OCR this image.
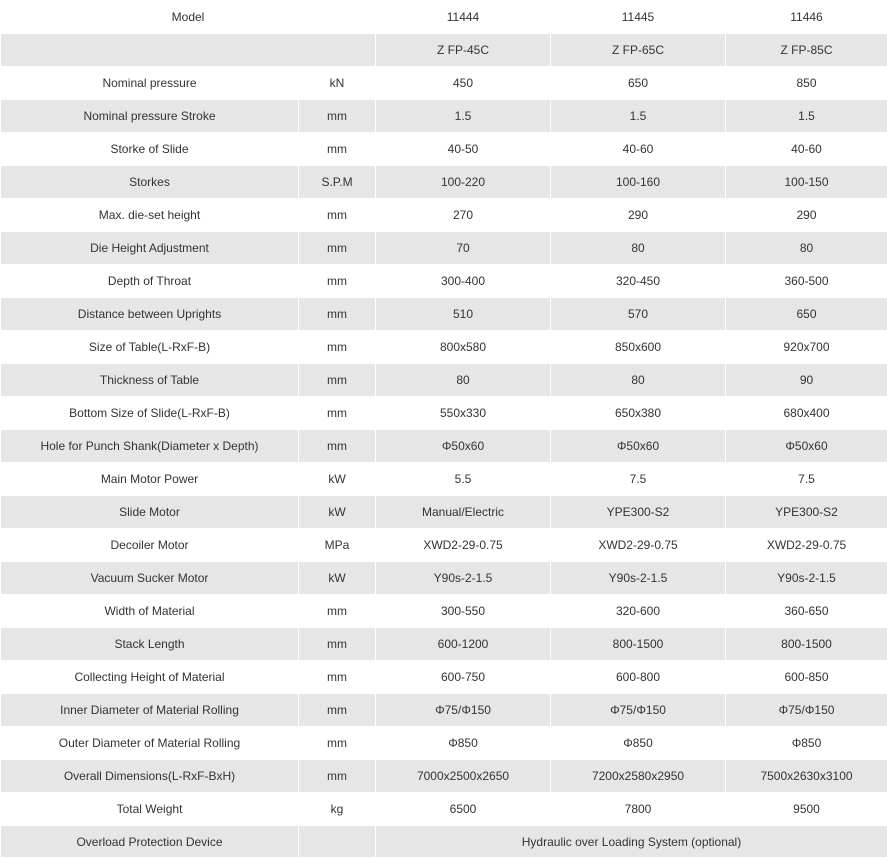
Model		11444	11445	11446
		Z FP-45C	Z FP-65C	Z FP-85C
Nominal pressure	kN	450	650	850
Nominal pressure Stroke	mm	1.5	1.5	1.5
Storke of Slide	mm	40-50	40-60	40-60
Storkes	S.P.M	100-220	100-160	100-150
Max. die-set height	mm	270	290	290
Die Height Adjustment	mm	70	80	80
Depth of Throat	mm	300-400	320-450	360-500
Distance between Uprights	mm	510	570	650
Size of Table(L-RxF-B)	mm	800x580	850x600	920x700
Thickness of Table	mm	80	80	90
Bottom Size of Slide(L-RxF-B)	mm	550x330	650x380	680x400
Hole for Punch Shank(Diameter x Depth)	mm	Φ50x60	Φ50x60	Φ50x60
Main Motor Power	kW	5.5	7.5	7.5
Slide Motor	kW	Manual/Electric	YPE300-S2	YPE300-S2
Decoiler Motor	MPa	XWD2-29-0.75	XWD2-29-0.75	XWD2-29-0.75
Vacuum Sucker Motor	kW	Y90s-2-1.5	Y90s-2-1.5	Y90s-2-1.5
Width of Material	mm	300-550	320-600	360-650
Stack Length	mm	600-1200	800-1500	800-1500
Collecting Height of Material	mm	600-750	600-800	600-850
Inner Diameter of Material Rolling	mm	Φ75/Φ150	Φ75/Φ150	Φ75/Φ150
Outer Diameter of Material Rolling	mm	Φ850	Φ850	Φ850
Overall Dimensions(L-RxF-BxH)	mm	7000x2500x2650	7200x2580x2950	7500x2630x3100
Total Weight	kg	6500	7800	9500
Overload Protection Device		Hydraulic over Loading System (optional)		
